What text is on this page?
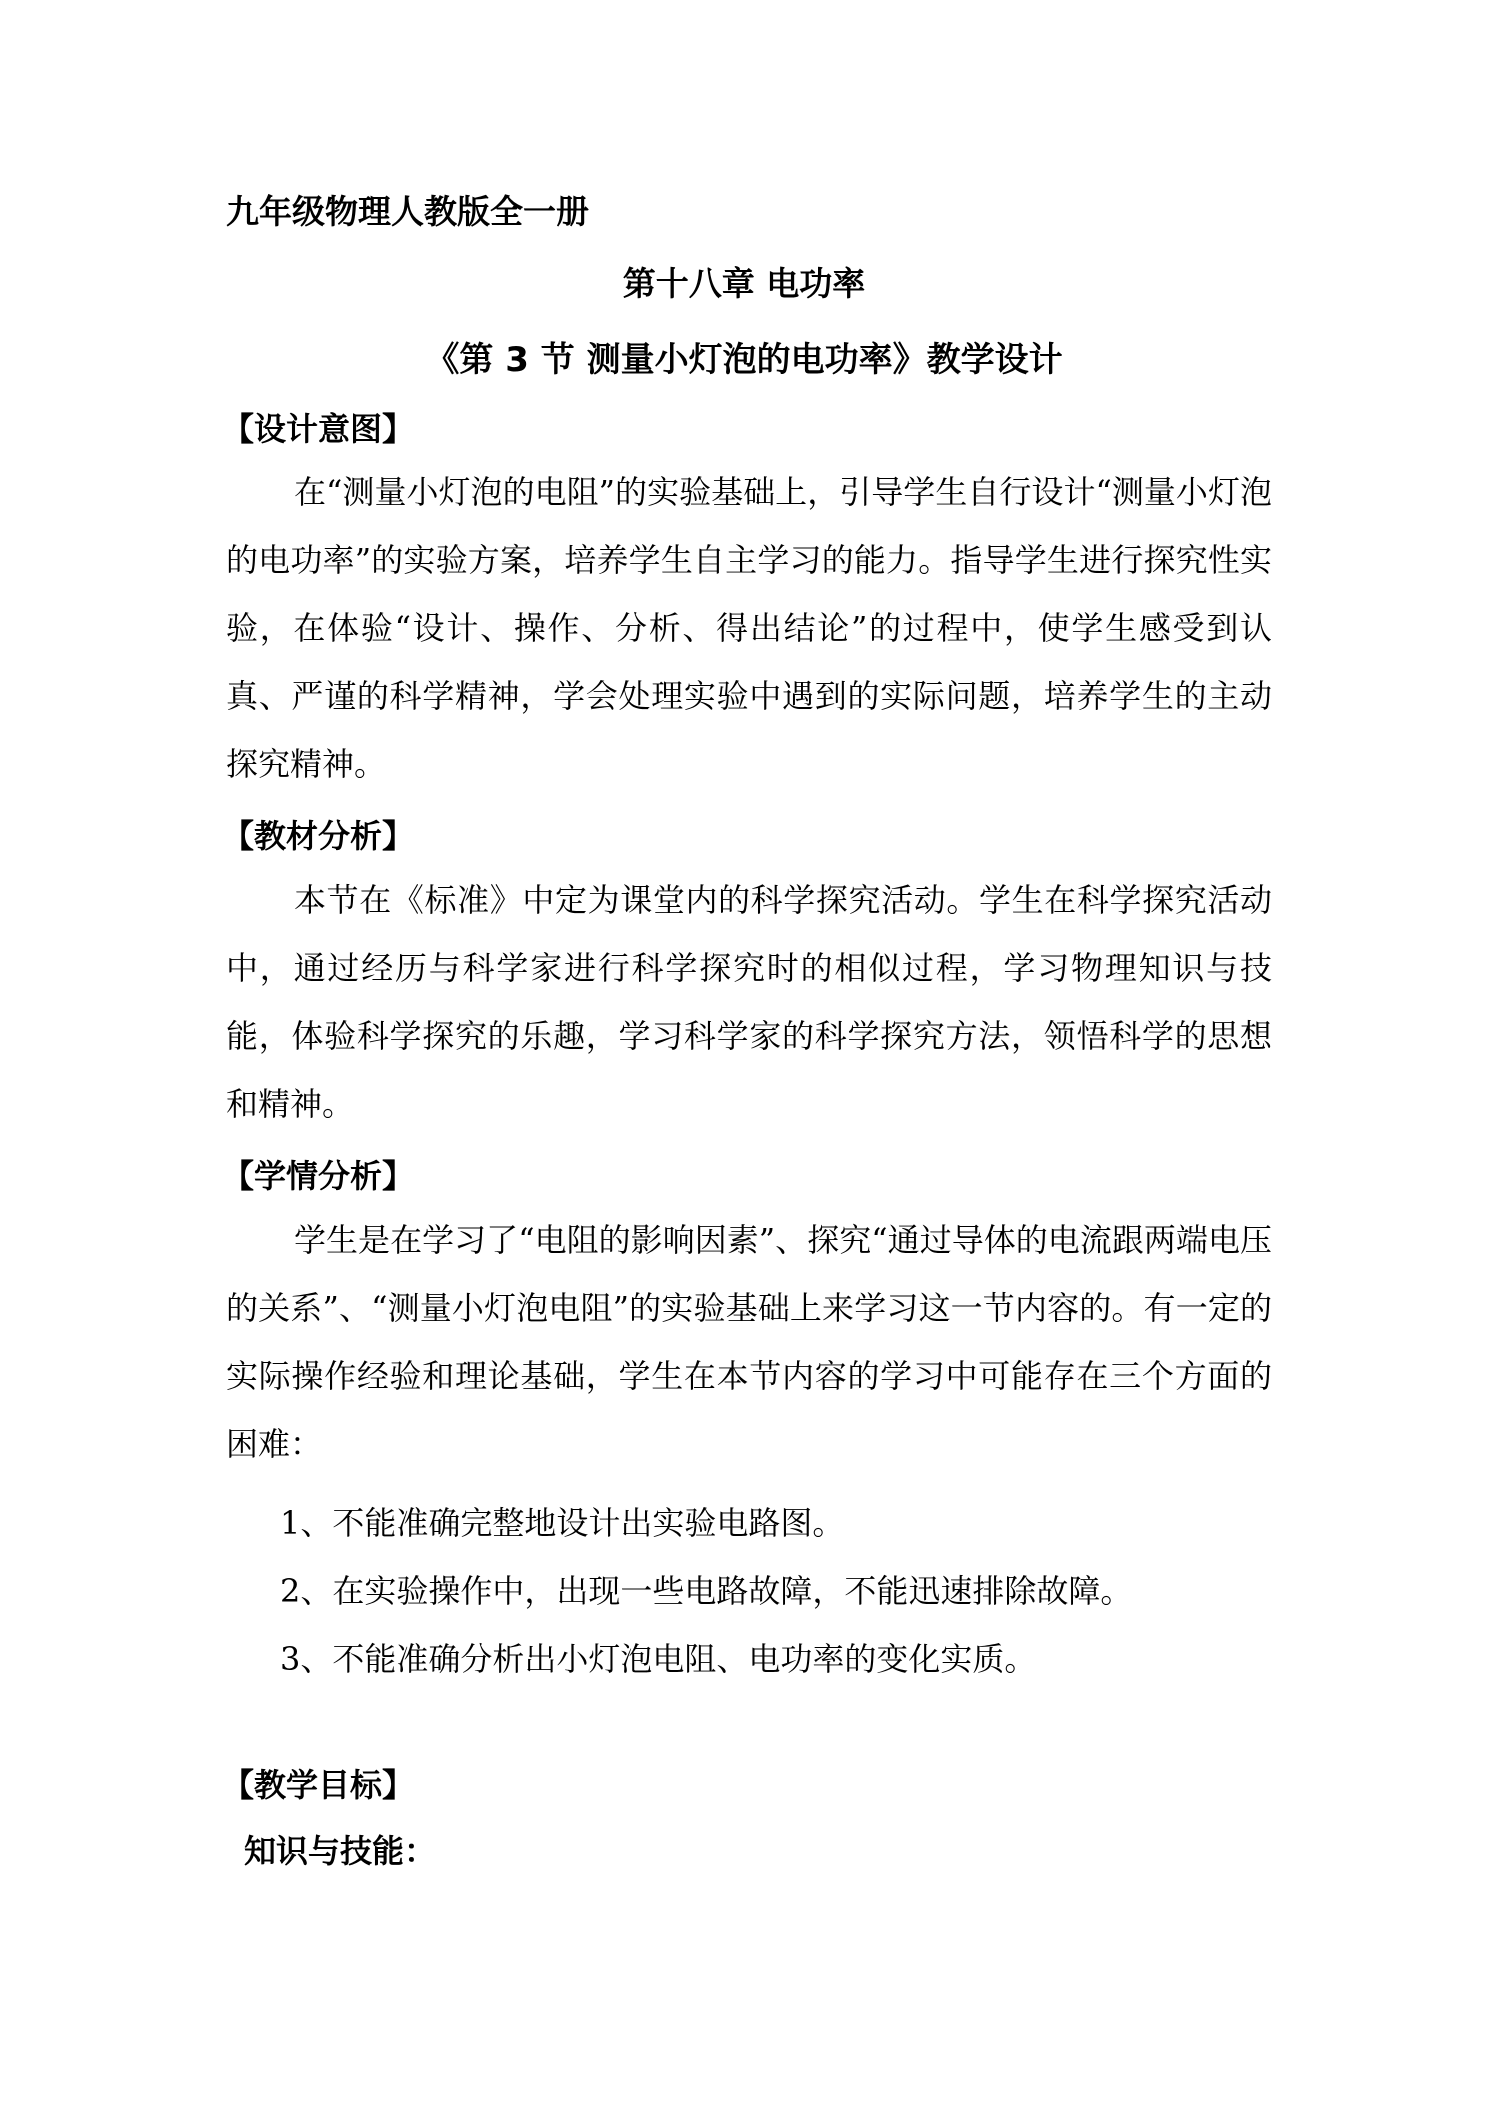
九年级物理人教版全一册
第十八章 电功率
《第 3 节 测量小灯泡的电功率》教学设计
【设计意图】
在“测量小灯泡的电阻”的实验基础上，引导学生自行设计“测量小灯泡的电功率”的实验方案，培养学生自主学习的能力。指导学生进行探究性实验，在体验“设计、操作、分析、得出结论”的过程中，使学生感受到认真、严谨的科学精神，学会处理实验中遇到的实际问题，培养学生的主动探究精神。
【教材分析】
本节在《标准》中定为课堂内的科学探究活动。学生在科学探究活动中，通过经历与科学家进行科学探究时的相似过程，学习物理知识与技能，体验科学探究的乐趣，学习科学家的科学探究方法，领悟科学的思想和精神。
【学情分析】
学生是在学习了“电阻的影响因素”、探究“通过导体的电流跟两端电压的关系”、“测量小灯泡电阻”的实验基础上来学习这一节内容的。有一定的实际操作经验和理论基础，学生在本节内容的学习中可能存在三个方面的困难：
1、不能准确完整地设计出实验电路图。
2、在实验操作中，出现一些电路故障，不能迅速排除故障。
3、不能准确分析出小灯泡电阻、电功率的变化实质。
【教学目标】
知识与技能：
